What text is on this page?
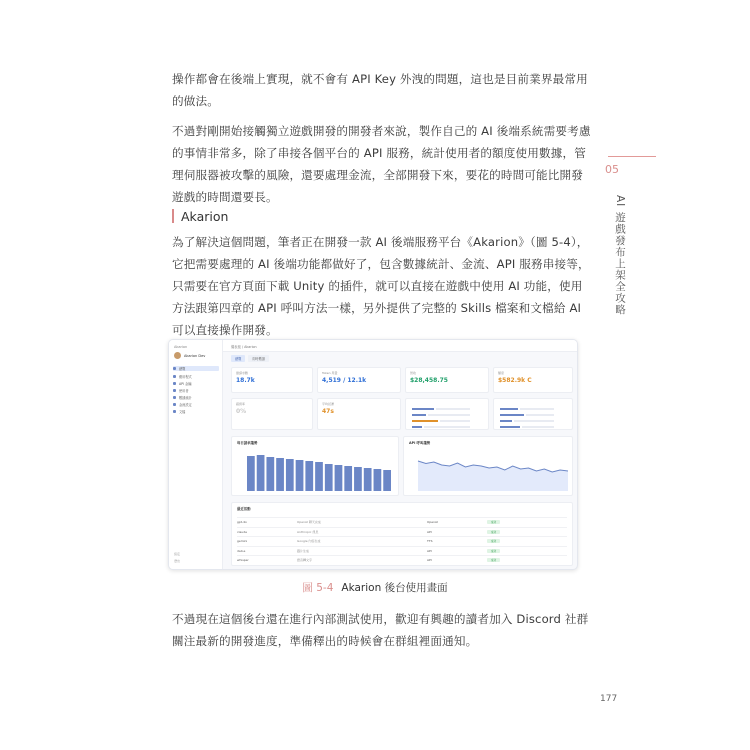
操作都會在後端上實現，就不會有 API Key 外洩的問題，這也是目前業界最常用的做法。

不過對剛開始接觸獨立遊戲開發的開發者來說，製作自己的 AI 後端系統需要考慮的事情非常多，除了串接各個平台的 API 服務，統計使用者的額度使用數據，管理伺服器被攻擊的風險，還要處理金流，全部開發下來，要花的時間可能比開發遊戲的時間還要長。

Akarion

為了解決這個問題，筆者正在開發一款 AI 後端服務平台《Akarion》（圖 5-4），它把需要處理的 AI 後端功能都做好了，包含數據統計、金流、API 服務串接等，只需要在官方頁面下載 Unity 的插件，就可以直接在遊戲中使用 AI 功能，使用方法跟第四章的 API 呼叫方法一樣，另外提供了完整的 Skills 檔案和文檔給 AI 可以直接操作開發。

05
AI 遊戲發布上架全攻略
Akarion
Akarion Dev
總覽
應用程式
API 金鑰
使用者
數據統計
金流設定
文檔
設定
登出
儀表板 / Akarion
總覽	即時數據
總請求數
18.7k
Token 用量
4,519 / 12.1k
營收
$28,458.75
額度
$582.9k C
錯誤率
0%
平均延遲
47s
每日請求趨勢	API 呼叫趨勢
最近活動
gpt-4o	OpenAI 聊天完成	OpenAI	成功
claude	Anthropic 訊息	API	成功
gemini	Google 內容生成	TTS	成功
dall-e	圖片生成	API	成功
whisper	語音轉文字	API	成功
圖 5-4 Akarion 後台使用畫面

不過現在這個後台還在進行內部測試使用，歡迎有興趣的讀者加入 Discord 社群關注最新的開發進度，準備釋出的時候會在群組裡面通知。

177
